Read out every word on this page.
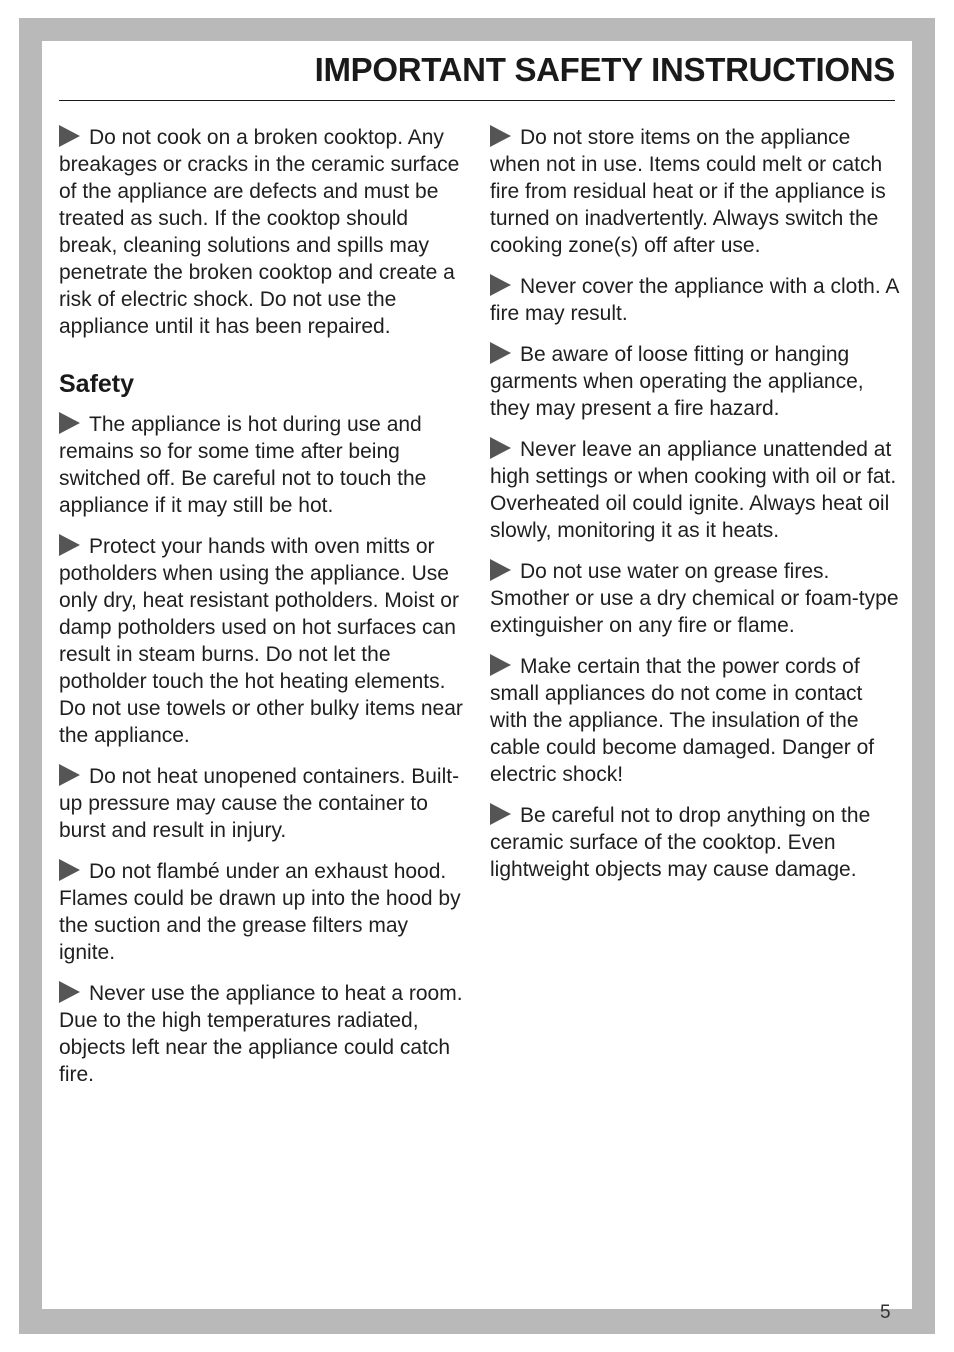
IMPORTANT SAFETY INSTRUCTIONS

Do not cook on a broken cooktop. Any breakages or cracks in the ceramic surface of the appliance are defects and must be treated as such. If the cooktop should break, cleaning solutions and spills may penetrate the broken cooktop and create a risk of electric shock. Do not use the appliance until it has been repaired.

Safety

The appliance is hot during use and remains so for some time after being switched off. Be careful not to touch the appliance if it may still be hot.

Protect your hands with oven mitts or potholders when using the appliance. Use only dry, heat resistant potholders. Moist or damp potholders used on hot surfaces can result in steam burns. Do not let the potholder touch the hot heating elements. Do not use towels or other bulky items near the appliance.

Do not heat unopened containers. Built-up pressure may cause the container to burst and result in injury.

Do not flambé under an exhaust hood. Flames could be drawn up into the hood by the suction and the grease filters may ignite.

Never use the appliance to heat a room. Due to the high temperatures radiated, objects left near the appliance could catch fire.

Do not store items on the appliance when not in use. Items could melt or catch fire from residual heat or if the appliance is turned on inadvertently. Always switch the cooking zone(s) off after use.

Never cover the appliance with a cloth. A fire may result.

Be aware of loose fitting or hanging garments when operating the appliance, they may present a fire hazard.

Never leave an appliance unattended at high settings or when cooking with oil or fat. Overheated oil could ignite. Always heat oil slowly, monitoring it as it heats.

Do not use water on grease fires. Smother or use a dry chemical or foam-type extinguisher on any fire or flame.

Make certain that the power cords of small appliances do not come in contact with the appliance. The insulation of the cable could become damaged. Danger of electric shock!

Be careful not to drop anything on the ceramic surface of the cooktop. Even lightweight objects may cause damage.

5
